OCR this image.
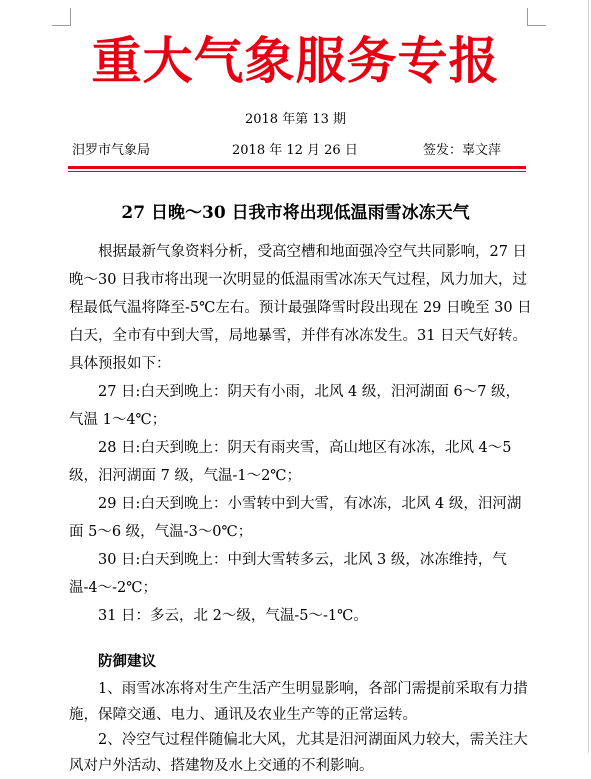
重大气象服务专报
2018 年第 13 期
汨罗市气象局	2018 年 12 月 26 日	签发：辜文萍
27 日晚～30 日我市将出现低温雨雪冰冻天气

根据最新气象资料分析，受高空槽和地面强冷空气共同影响，27 日晚～30 日我市将出现一次明显的低温雨雪冰冻天气过程，风力加大，过程最低气温将降至-5℃左右。预计最强降雪时段出现在 29 日晚至 30 日白天，全市有中到大雪，局地暴雪，并伴有冰冻发生。31 日天气好转。具体预报如下：

27 日:白天到晚上：阴天有小雨，北风 4 级，汨河湖面 6～7 级，气温 1～4℃；

28 日:白天到晚上：阴天有雨夹雪，高山地区有冰冻，北风 4～5 级，汨河湖面 7 级，气温-1～2℃；

29 日:白天到晚上：小雪转中到大雪，有冰冻，北风 4 级，汨河湖面 5～6 级，气温-3～0℃；

30 日:白天到晚上：中到大雪转多云，北风 3 级，冰冻维持，气温-4～-2℃；

31 日：多云，北 2～级，气温-5～-1℃。

防御建议

1、雨雪冰冻将对生产生活产生明显影响，各部门需提前采取有力措施，保障交通、电力、通讯及农业生产等的正常运转。

2、冷空气过程伴随偏北大风，尤其是汨河湖面风力较大，需关注大风对户外活动、搭建物及水上交通的不利影响。
